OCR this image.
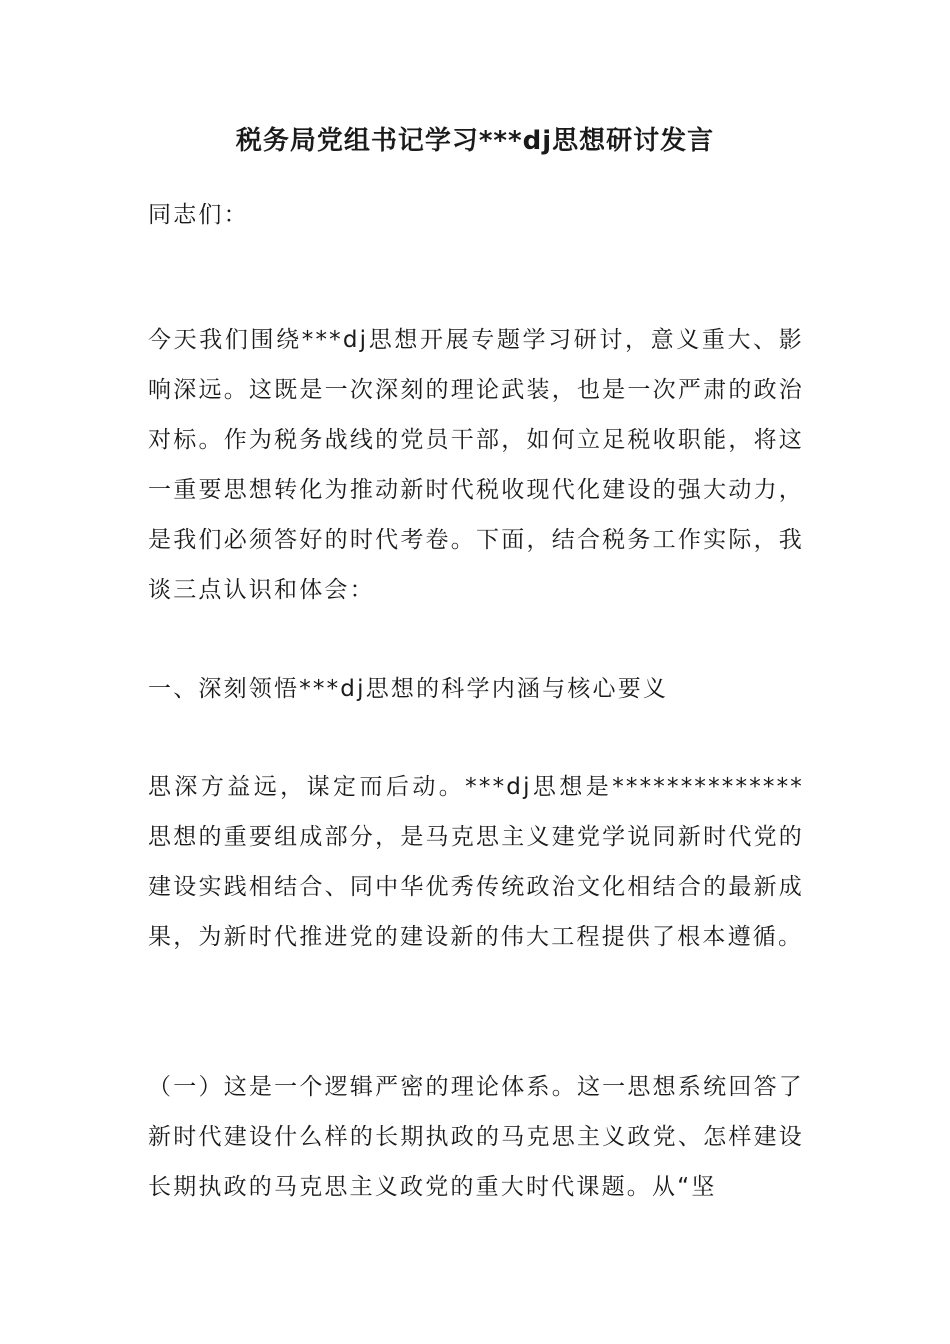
税务局党组书记学习***dj思想研讨发言

同志们：

今天我们围绕***dj思想开展专题学习研讨，意义重大、影响深远。这既是一次深刻的理论武装，也是一次严肃的政治对标。作为税务战线的党员干部，如何立足税收职能，将这一重要思想转化为推动新时代税收现代化建设的强大动力，是我们必须答好的时代考卷。下面，结合税务工作实际，我谈三点认识和体会：

一、深刻领悟***dj思想的科学内涵与核心要义

思深方益远，谋定而后动。***dj思想是**************思想的重要组成部分，是马克思主义建党学说同新时代党的建设实践相结合、同中华优秀传统政治文化相结合的最新成果，为新时代推进党的建设新的伟大工程提供了根本遵循。

（一）这是一个逻辑严密的理论体系。这一思想系统回答了新时代建设什么样的长期执政的马克思主义政党、怎样建设长期执政的马克思主义政党的重大时代课题。从“坚
